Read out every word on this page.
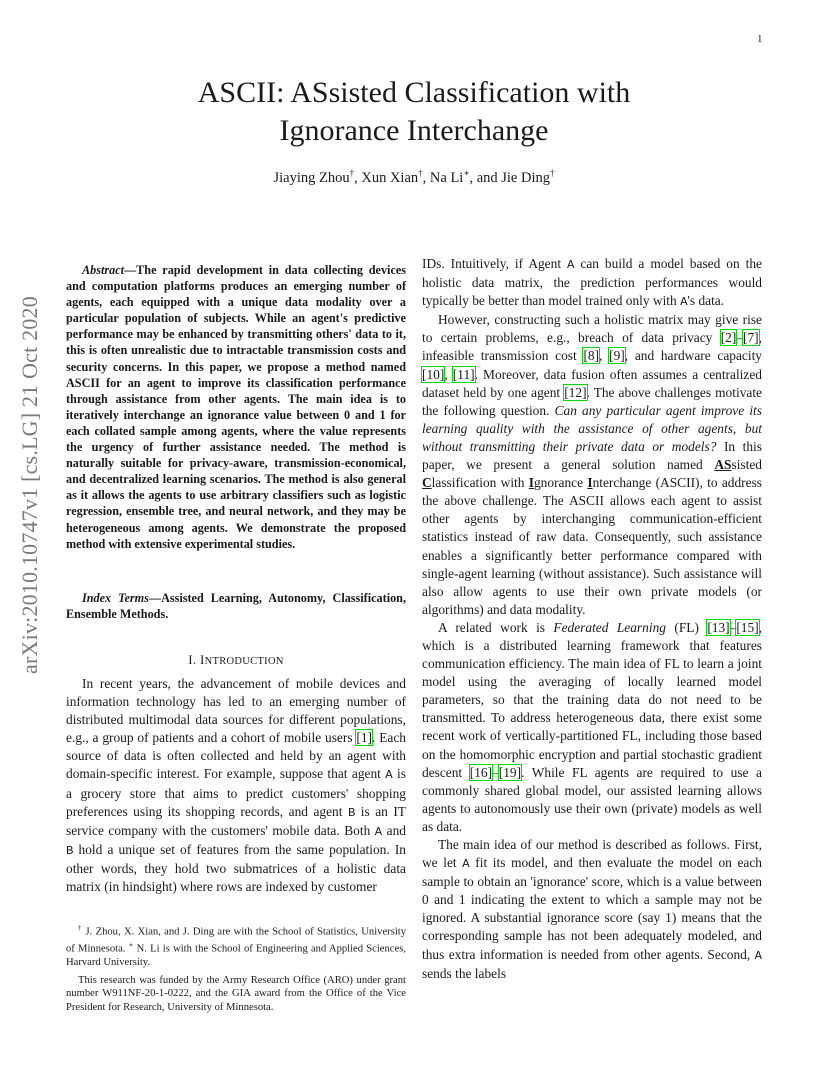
1
arXiv:2010.10747v1 [cs.LG] 21 Oct 2020
ASCII: ASsisted Classification with
Ignorance Interchange
Jiaying Zhou†, Xun Xian†, Na Li∗, and Jie Ding†

Abstract—The rapid development in data collecting devices and computation platforms produces an emerging number of agents, each equipped with a unique data modality over a particular population of subjects. While an agent's predictive performance may be enhanced by transmitting others' data to it, this is often unrealistic due to intractable transmission costs and security concerns. In this paper, we propose a method named ASCII for an agent to improve its classification performance through assistance from other agents. The main idea is to iteratively interchange an ignorance value between 0 and 1 for each collated sample among agents, where the value represents the urgency of further assistance needed. The method is naturally suitable for privacy-aware, transmission-economical, and decentralized learning scenarios. The method is also general as it allows the agents to use arbitrary classifiers such as logistic regression, ensemble tree, and neural network, and they may be heterogeneous among agents. We demonstrate the proposed method with extensive experimental studies.

Index Terms—Assisted Learning, Autonomy, Classification, Ensemble Methods.

I. INTRODUCTION

In recent years, the advancement of mobile devices and information technology has led to an emerging number of distributed multimodal data sources for different populations, e.g., a group of patients and a cohort of mobile users [1]. Each source of data is often collected and held by an agent with domain-specific interest. For example, suppose that agent A is a grocery store that aims to predict customers' shopping preferences using its shopping records, and agent B is an IT service company with the customers' mobile data. Both A and B hold a unique set of features from the same population. In other words, they hold two submatrices of a holistic data matrix (in hindsight) where rows are indexed by customer

† J. Zhou, X. Xian, and J. Ding are with the School of Statistics, University of Minnesota. ∗ N. Li is with the School of Engineering and Applied Sciences, Harvard University.

This research was funded by the Army Research Office (ARO) under grant number W911NF-20-1-0222, and the GIA award from the Office of the Vice President for Research, University of Minnesota.

IDs. Intuitively, if Agent A can build a model based on the holistic data matrix, the prediction performances would typically be better than model trained only with A's data.

However, constructing such a holistic matrix may give rise to certain problems, e.g., breach of data privacy [2]–[7], infeasible transmission cost [8], [9], and hardware capacity [10], [11]. Moreover, data fusion often assumes a centralized dataset held by one agent [12]. The above challenges motivate the following question. Can any particular agent improve its learning quality with the assistance of other agents, but without transmitting their private data or models? In this paper, we present a general solution named ASsisted Classification with Ignorance Interchange (ASCII), to address the above challenge. The ASCII allows each agent to assist other agents by interchanging communication-efficient statistics instead of raw data. Consequently, such assistance enables a significantly better performance compared with single-agent learning (without assistance). Such assistance will also allow agents to use their own private models (or algorithms) and data modality.

A related work is Federated Learning (FL) [13]–[15], which is a distributed learning framework that features communication efficiency. The main idea of FL to learn a joint model using the averaging of locally learned model parameters, so that the training data do not need to be transmitted. To address heterogeneous data, there exist some recent work of vertically-partitioned FL, including those based on the homomorphic encryption and partial stochastic gradient descent [16]–[19]. While FL agents are required to use a commonly shared global model, our assisted learning allows agents to autonomously use their own (private) models as well as data.

The main idea of our method is described as follows. First, we let A fit its model, and then evaluate the model on each sample to obtain an 'ignorance' score, which is a value between 0 and 1 indicating the extent to which a sample may not be ignored. A substantial ignorance score (say 1) means that the corresponding sample has not been adequately modeled, and thus extra information is needed from other agents. Second, A sends the labels
